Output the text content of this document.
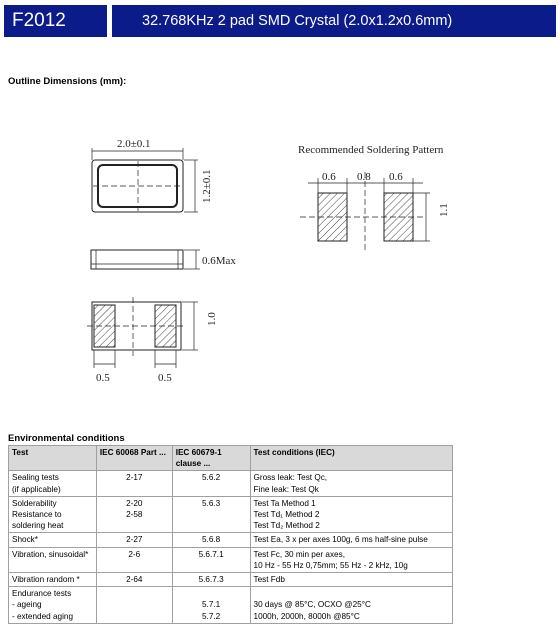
F2012	32.768KHz 2 pad SMD Crystal (2.0x1.2x0.6mm)
Outline Dimensions (mm):
2.0±0.1
1.2±0.1
0.6Max
1.0
0.5	0.5
Recommended Soldering Pattern
0.6 0.8 0.6
1.1
Environmental conditions
Test	IEC 60068 Part ...	IEC 60679-1 clause ...	Test conditions (IEC)
Sealing tests
(if applicable)	2-17	5.6.2	Gross leak: Test Qc,
Fine leak: Test Qk
Solderability
Resistance to
soldering heat	2-20
2-58	5.6.3	Test Ta Method 1
Test Td₁ Method 2
Test Td₂ Method 2
Shock*	2-27	5.6.8	Test Ea, 3 x per axes 100g, 6 ms half-sine pulse
Vibration, sinusoidal*	2-6	5.6.7.1	Test Fc, 30 min per axes,
10 Hz - 55 Hz 0,75mm; 55 Hz - 2 kHz, 10g
Vibration random *	2-64	5.6.7.3	Test Fdb
Endurance tests
- ageing
- extended aging		5.7.1
5.7.2	30 days @ 85°C, OCXO @25°C
1000h, 2000h, 8000h @85°C
